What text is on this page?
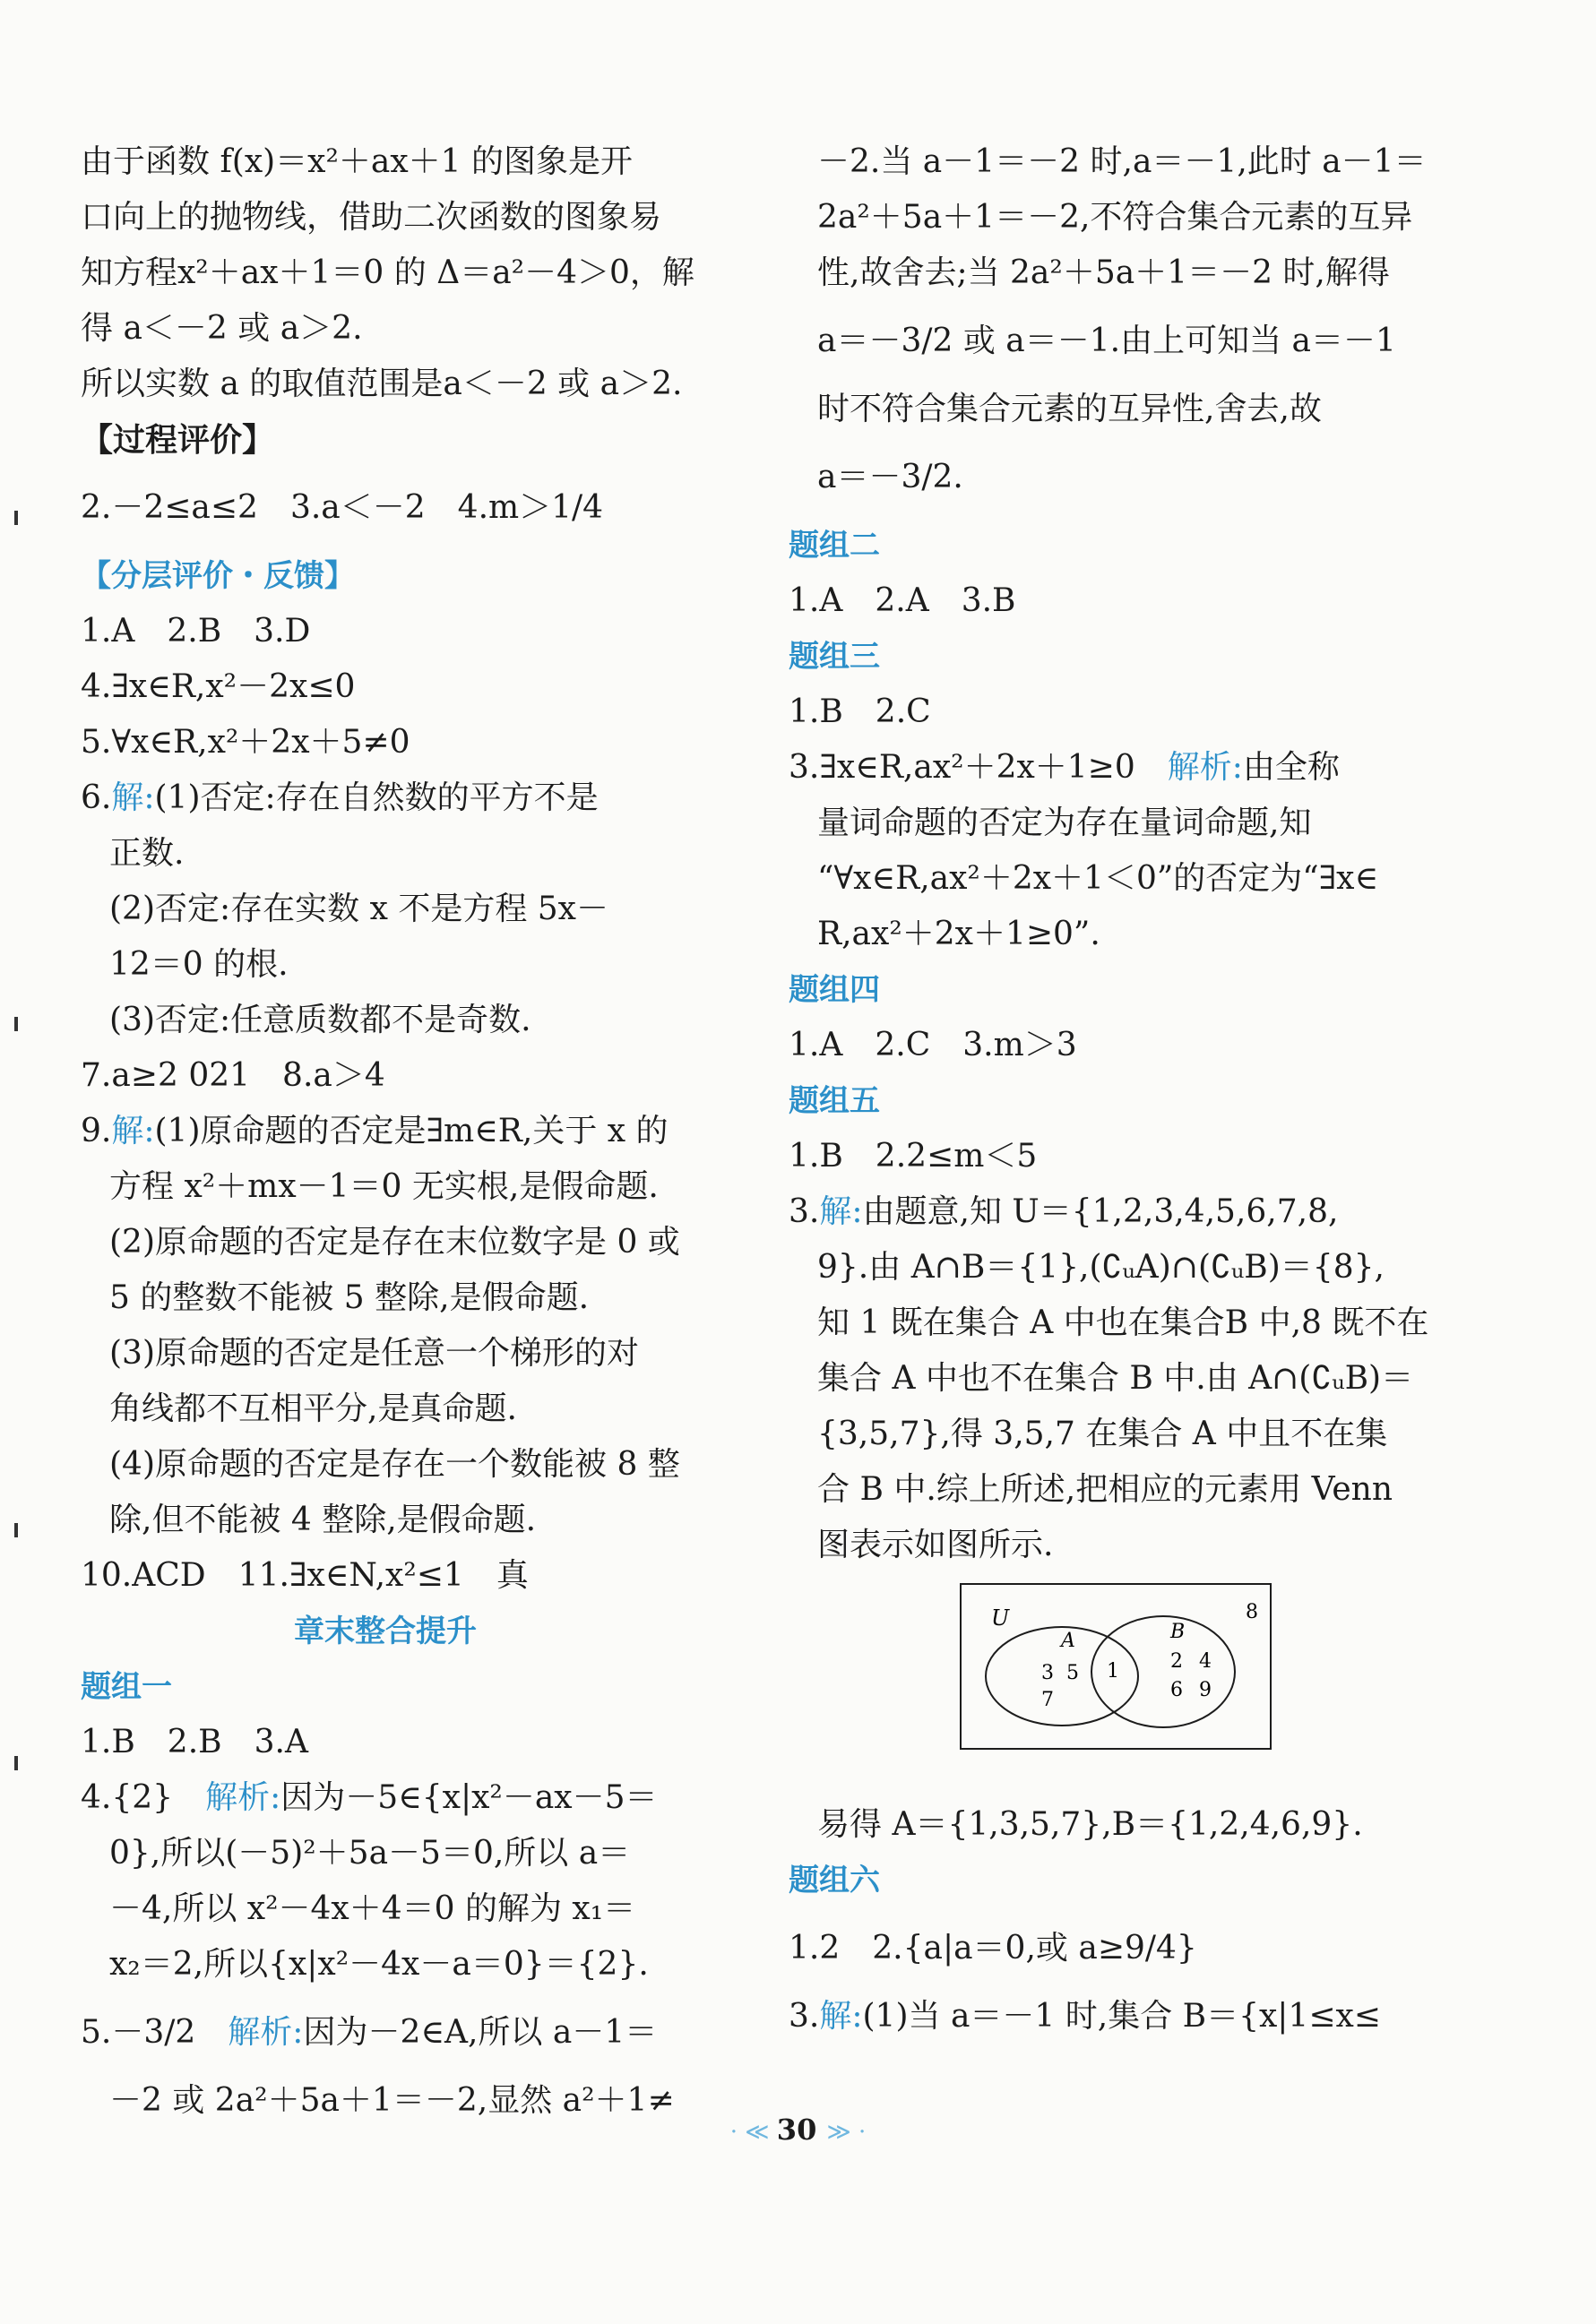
由于函数 f(x)＝x²＋ax＋1 的图象是开
口向上的抛物线，借助二次函数的图象易
知方程x²＋ax＋1＝0 的 Δ＝a²－4＞0，解
得 a＜－2 或 a＞2.
所以实数 a 的取值范围是a＜－2 或 a＞2.
【过程评价】
2.－2≤a≤2　3.a＜－2　4.m＞1/4
【分层评价・反馈】
1.A　2.B　3.D
4.∃x∈R,x²－2x≤0
5.∀x∈R,x²＋2x＋5≠0
6.解:(1)否定:存在自然数的平方不是
正数.
(2)否定:存在实数 x 不是方程 5x－
12＝0 的根.
(3)否定:任意质数都不是奇数.
7.a≥2 021　8.a＞4
9.解:(1)原命题的否定是∃m∈R,关于 x 的
方程 x²＋mx－1＝0 无实根,是假命题.
(2)原命题的否定是存在末位数字是 0 或
5 的整数不能被 5 整除,是假命题.
(3)原命题的否定是任意一个梯形的对
角线都不互相平分,是真命题.
(4)原命题的否定是存在一个数能被 8 整
除,但不能被 4 整除,是假命题.
10.ACD　11.∃x∈N,x²≤1　真
章末整合提升
题组一
1.B　2.B　3.A
4.{2}　解析:因为－5∈{x|x²－ax－5＝
0},所以(－5)²＋5a－5＝0,所以 a＝
－4,所以 x²－4x＋4＝0 的解为 x₁＝
x₂＝2,所以{x|x²－4x－a＝0}＝{2}.
5.－3/2　解析:因为－2∈A,所以 a－1＝
－2 或 2a²＋5a＋1＝－2,显然 a²＋1≠
－2.当 a－1＝－2 时,a＝－1,此时 a－1＝
2a²＋5a＋1＝－2,不符合集合元素的互异
性,故舍去;当 2a²＋5a＋1＝－2 时,解得
a＝－3/2 或 a＝－1.由上可知当 a＝－1
时不符合集合元素的互异性,舍去,故
a＝－3/2.
题组二
1.A　2.A　3.B
题组三
1.B　2.C
3.∃x∈R,ax²＋2x＋1≥0　解析:由全称
量词命题的否定为存在量词命题,知
“∀x∈R,ax²＋2x＋1＜0”的否定为“∃x∈
R,ax²＋2x＋1≥0”.
题组四
1.A　2.C　3.m＞3
题组五
1.B　2.2≤m＜5
3.解:由题意,知 U＝{1,2,3,4,5,6,7,8,
9}.由 A∩B＝{1},(∁ᵤA)∩(∁ᵤB)＝{8},
知 1 既在集合 A 中也在集合B 中,8 既不在
集合 A 中也不在集合 B 中.由 A∩(∁ᵤB)＝
{3,5,7},得 3,5,7 在集合 A 中且不在集
合 B 中.综上所述,把相应的元素用 Venn
图表示如图所示.
U
A	B
8
3 5
7
1	2 4
6 9
易得 A＝{1,3,5,7},B＝{1,2,4,6,9}.
题组六
1.2　2.{a|a＝0,或 a≥9/4}
3.解:(1)当 a＝－1 时,集合 B＝{x|1≤x≤
· ≪ 30 ≫ ·
